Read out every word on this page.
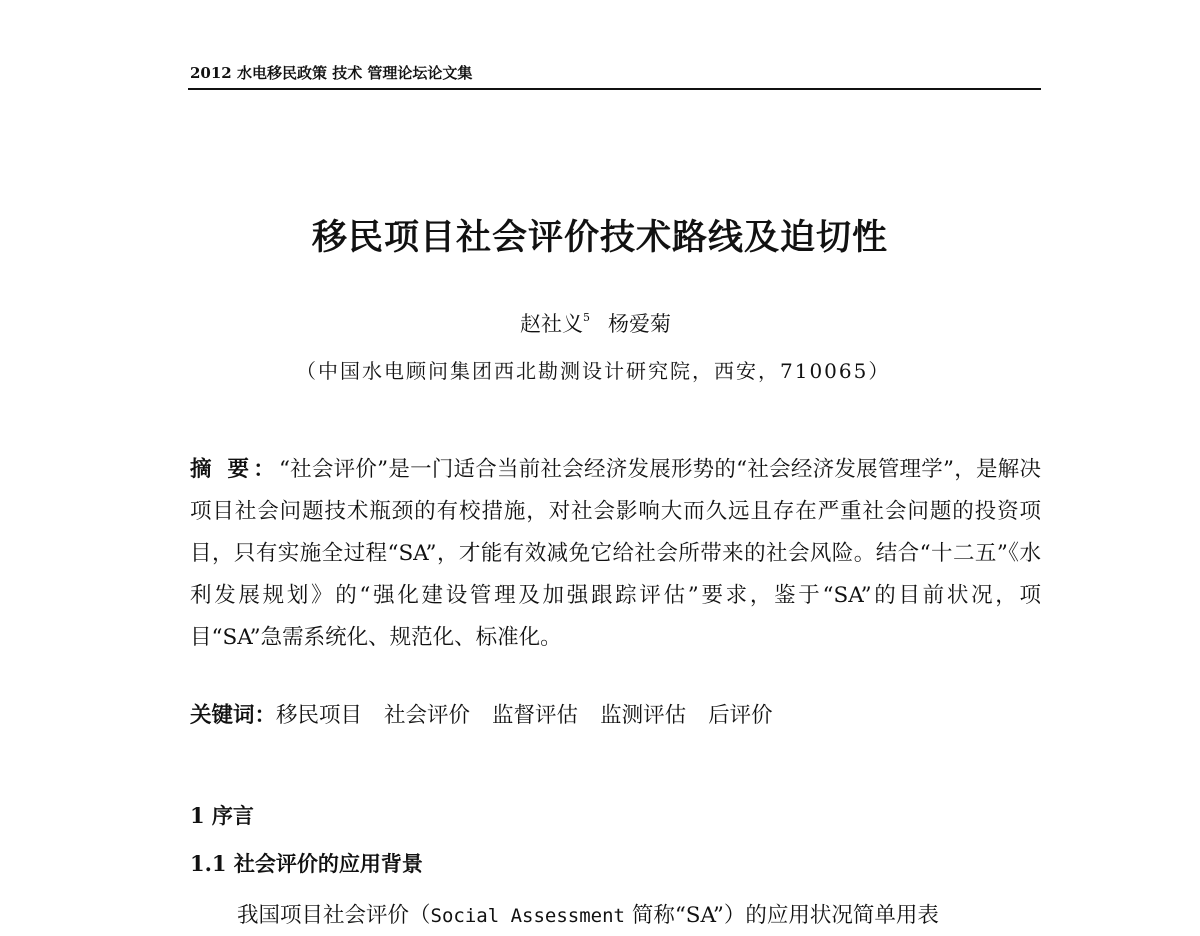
2012 水电移民政策 技术 管理论坛论文集
移民项目社会评价技术路线及迫切性
赵社义$^5$ 杨爱菊
（中国水电顾问集团西北勘测设计研究院，西安，710065）
摘 要：“社会评价”是一门适合当前社会经济发展形势的“社会经济发展管理学”，是解决项目社会问题技术瓶颈的有校措施，对社会影响大而久远且存在严重社会问题的投资项目，只有实施全过程“SA”，才能有效减免它给社会所带来的社会风险。结合“十二五”《水利发展规划》的“强化建设管理及加强跟踪评估”要求，鉴于“SA”的目前状况，项目“SA”急需系统化、规范化、标准化。
关键词：移民项目 社会评价 监督评估 监测评估 后评价
1 序言
1.1 社会评价的应用背景
我国项目社会评价（Social Assessment 简称“SA”）的应用状况简单用表
